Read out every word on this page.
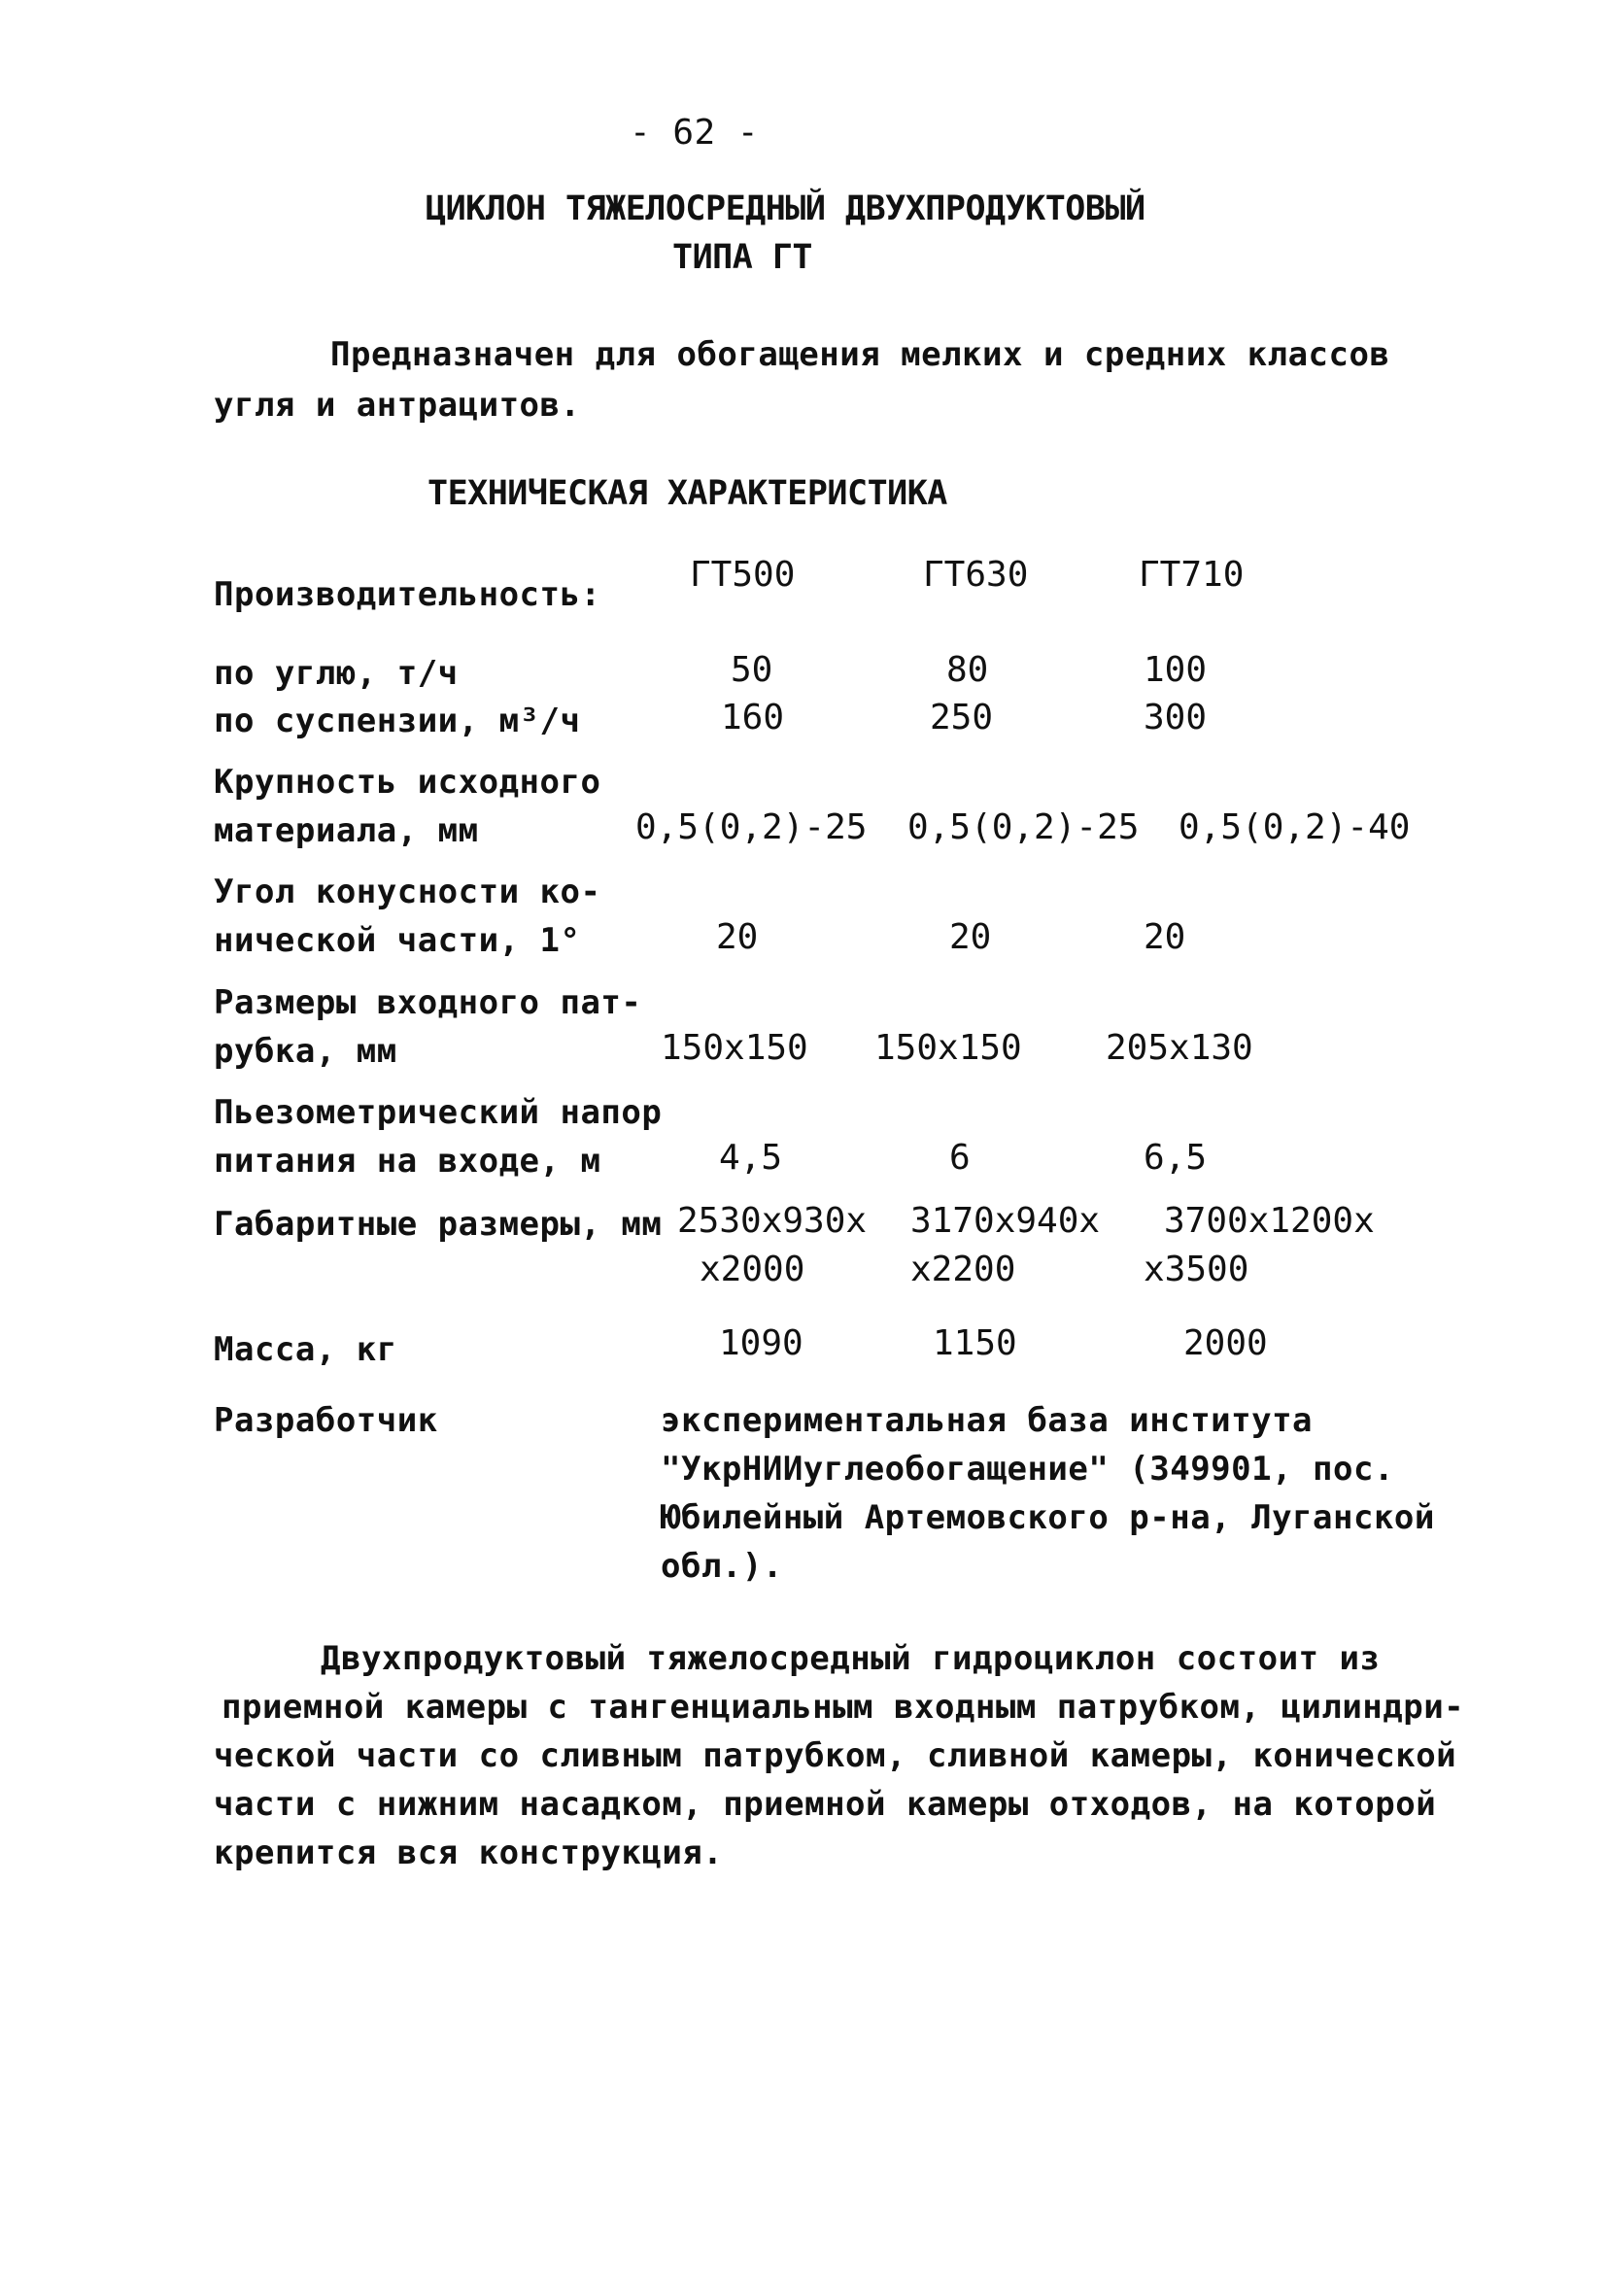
- 62 -
ЦИКЛОН ТЯЖЕЛОСРЕДНЫЙ ДВУХПРОДУКТОВЫЙ
ТИПА ГТ
Предназначен для обогащения мелких и средних классов
угля и антрацитов.
ТЕХНИЧЕСКАЯ ХАРАКТЕРИСТИКА
ГТ500	ГТ630	ГТ710
Производительность:
по углю, т/ч	50	80	100
по суспензии, м³/ч	160	250	300
Крупность исходного
материала, мм	0,5(0,2)-25 0,5(0,2)-25 0,5(0,2)-40
Угол конусности ко-
нической части, 1°	20	20	20
Размеры входного пат-
рубка, мм	150x150 150x150 205x130
Пьезометрический напор
питания на входе, м	4,5	6	6,5
Габаритные размеры, мм 2530x930x 3170x940x 3700x1200x
x2000	x2200	x3500
Масса, кг	1090	1150	2000
Разработчик	экспериментальная база института
"УкрНИИуглеобогащение" (349901, пос.
Юбилейный Артемовского р-на, Луганской
обл.).
Двухпродуктовый тяжелосредный гидроциклон состоит из
приемной камеры с тангенциальным входным патрубком, цилиндри-
ческой части со сливным патрубком, сливной камеры, конической
части с нижним насадком, приемной камеры отходов, на которой
крепится вся конструкция.
